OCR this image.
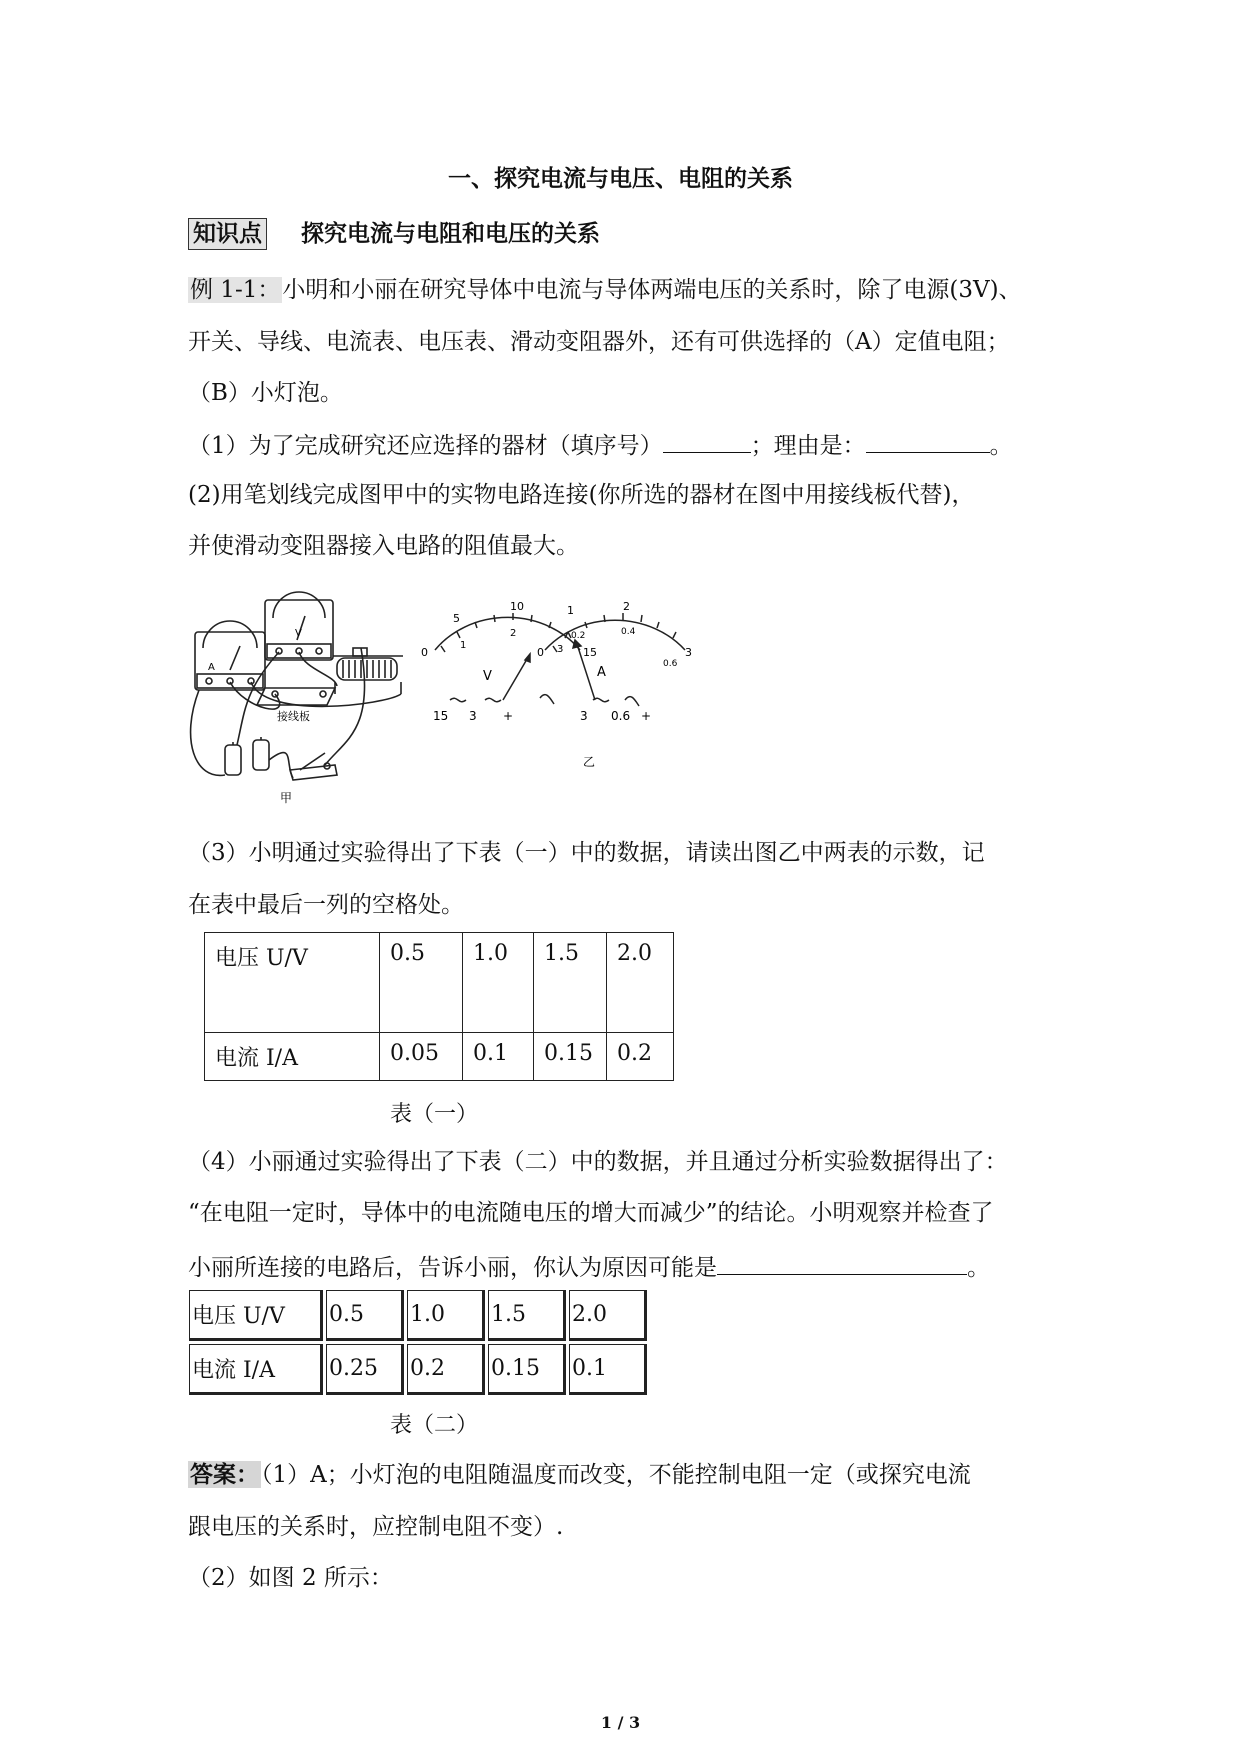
一、探究电流与电压、电阻的关系
知识点 探究电流与电阻和电压的关系
例 1-1：小明和小丽在研究导体中电流与导体两端电压的关系时，除了电源(3V)、
开关、导线、电流表、电压表、滑动变阻器外，还有可供选择的（A）定值电阻；
（B）小灯泡。
（1）为了完成研究还应选择的器材（填序号）	；理由是：	。
(2)用笔划线完成图甲中的实物电路连接(你所选的器材在图中用接线板代替)，
并使滑动变阻器接入电路的阻值最大。
A
V
接线板
甲
0
5
10
15
1
2
3
V
15 3 +
0
1	2
3
0.2	0.4
0.6
A
3 0.6 +
乙
（3）小明通过实验得出了下表（一）中的数据，请读出图乙中两表的示数，记
在表中最后一列的空格处。
电压 U/V	0.5	1.0	1.5	2.0
电流 I/A	0.05	0.1	0.15	0.2
表（一）
（4）小丽通过实验得出了下表（二）中的数据，并且通过分析实验数据得出了：
“在电阻一定时，导体中的电流随电压的增大而减少”的结论。小明观察并检查了
小丽所连接的电路后，告诉小丽，你认为原因可能是	。
电压 U/V	0.5	1.0	1.5	2.0
电流 I/A	0.25	0.2	0.15	0.1
表（二）
答案：（1）A；小灯泡的电阻随温度而改变，不能控制电阻一定（或探究电流
跟电压的关系时，应控制电阻不变）.
（2）如图 2 所示：
1 / 3
